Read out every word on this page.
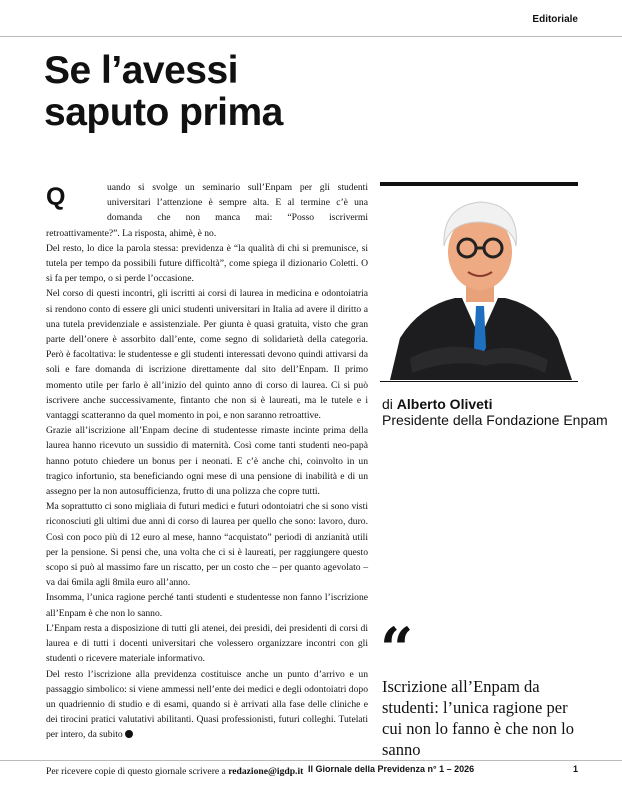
Editoriale
Se l’avessi saputo prima
Q	uando si svolge un seminario sull’Enpam per gli studenti universitari l’attenzione è sempre alta. E al termine c’è una domanda che non manca mai: “Posso iscrivermi retroattivamente?”. La risposta, ahimè, è no.

Del resto, lo dice la parola stessa: previdenza è “la qualità di chi si premunisce, si tutela per tempo da possibili future difficoltà”, come spiega il dizionario Coletti. O si fa per tempo, o si perde l’occasione.

Nel corso di questi incontri, gli iscritti ai corsi di laurea in medicina e odontoiatria si rendono conto di essere gli unici studenti universitari in Italia ad avere il diritto a una tutela previdenziale e assistenziale. Per giunta è quasi gratuita, visto che gran parte dell’onere è assorbito dall’ente, come segno di solidarietà della categoria. Però è facoltativa: le studentesse e gli studenti interessati devono quindi attivarsi da soli e fare domanda di iscrizione direttamente dal sito dell’Enpam. Il primo momento utile per farlo è all’inizio del quinto anno di corso di laurea. Ci si può iscrivere anche successivamente, fintanto che non si è laureati, ma le tutele e i vantaggi scatteranno da quel momento in poi, e non saranno retroattive.

Grazie all’iscrizione all’Enpam decine di studentesse rimaste incinte prima della laurea hanno ricevuto un sussidio di maternità. Così come tanti studenti neo-papà hanno potuto chiedere un bonus per i neonati. E c’è anche chi, coinvolto in un tragico infortunio, sta beneficiando ogni mese di una pensione di inabilità e di un assegno per la non autosufficienza, frutto di una polizza che copre tutti.

Ma soprattutto ci sono migliaia di futuri medici e futuri odontoiatri che si sono visti riconosciuti gli ultimi due anni di corso di laurea per quello che sono: lavoro, duro. Così con poco più di 12 euro al mese, hanno “acquistato” periodi di anzianità utili per la pensione. Si pensi che, una volta che ci si è laureati, per raggiungere questo scopo si può al massimo fare un riscatto, per un costo che – per quanto agevolato – va dai 6mila agli 8mila euro all’anno.

Insomma, l’unica ragione perché tanti studenti e studentesse non fanno l’iscrizione all’Enpam è che non lo sanno.

L’Enpam resta a disposizione di tutti gli atenei, dei presidi, dei presidenti di corsi di laurea e di tutti i docenti universitari che volessero organizzare incontri con gli studenti o ricevere materiale informativo.

Del resto l’iscrizione alla previdenza costituisce anche un punto d’arrivo e un passaggio simbolico: si viene ammessi nell’ente dei medici e degli odontoiatri dopo un quadriennio di studio e di esami, quando si è arrivati alla fase delle cliniche e dei tirocini pratici valutativi abilitanti. Quasi professionisti, futuri colleghi. Tutelati per intero, da subito

Per ricevere copie di questo giornale scrivere a redazione@igdp.it
di Alberto Oliveti
Presidente della Fondazione Enpam
“
Iscrizione all’Enpam da studenti: l’unica ragione per cui non lo fanno è che non lo sanno
Il Giornale della Previdenza n° 1 – 2026	1
